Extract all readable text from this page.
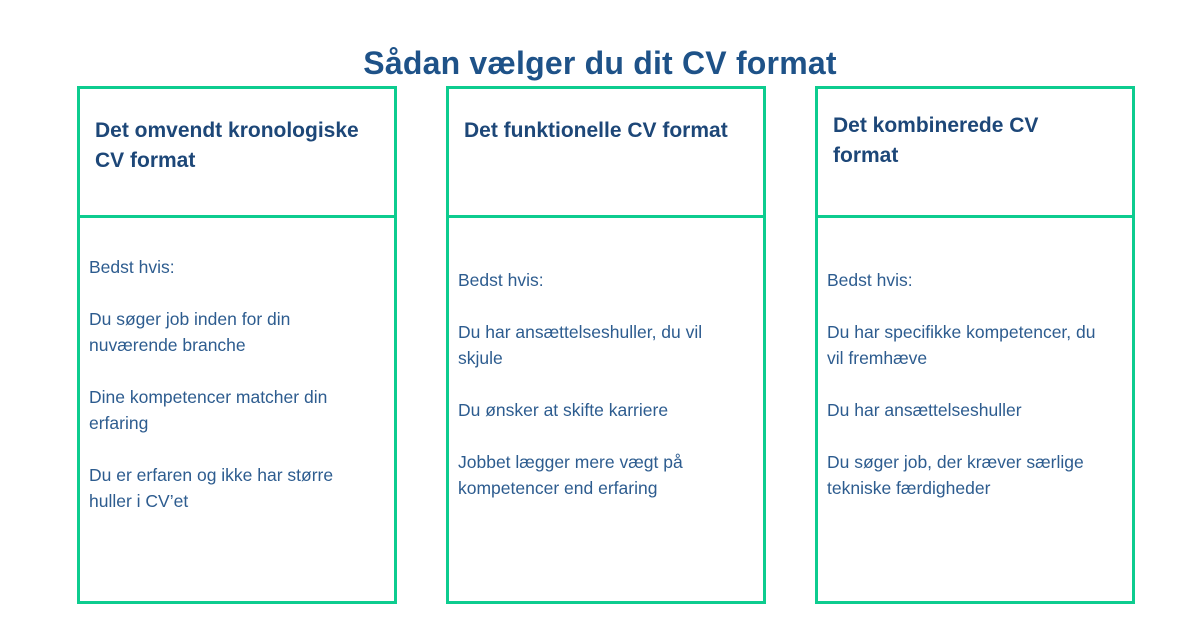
Sådan vælger du dit CV format
Det omvendt kronologiske CV format

Bedst hvis:

Du søger job inden for din nuværende branche

Dine kompetencer matcher din erfaring

Du er erfaren og ikke har større huller i CV’et

Det funktionelle CV format

Bedst hvis:

Du har ansættelseshuller, du vil skjule

Du ønsker at skifte karriere

Jobbet lægger mere vægt på kompetencer end erfaring

Det kombinerede CV format

Bedst hvis:

Du har specifikke kompetencer, du vil fremhæve

Du har ansættelseshuller

Du søger job, der kræver særlige tekniske færdigheder
